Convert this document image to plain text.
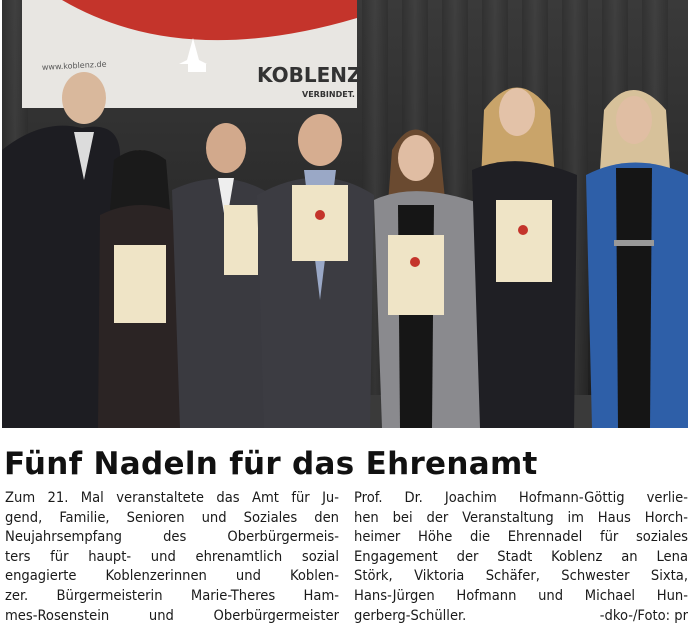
KOBLENZ
VERBINDET.
www.koblenz.de
Fünf Nadeln für das Ehrenamt
Zum 21. Mal veranstaltete das Amt für Ju-
gend, Familie, Senioren und Soziales den
Neujahrsempfang des Oberbürgermeis-
ters für haupt- und ehrenamtlich sozial
engagierte Koblenzerinnen und Koblen-
zer. Bürgermeisterin Marie-Theres Ham-
mes-Rosenstein und Oberbürgermeister
Prof. Dr. Joachim Hofmann-Göttig verlie-
hen bei der Veranstaltung im Haus Horch-
heimer Höhe die Ehrennadel für soziales
Engagement der Stadt Koblenz an Lena
Störk, Viktoria Schäfer, Schwester Sixta,
Hans-Jürgen Hofmann und Michael Hun-
gerberg-Schüller.	-dko-/Foto: pr
